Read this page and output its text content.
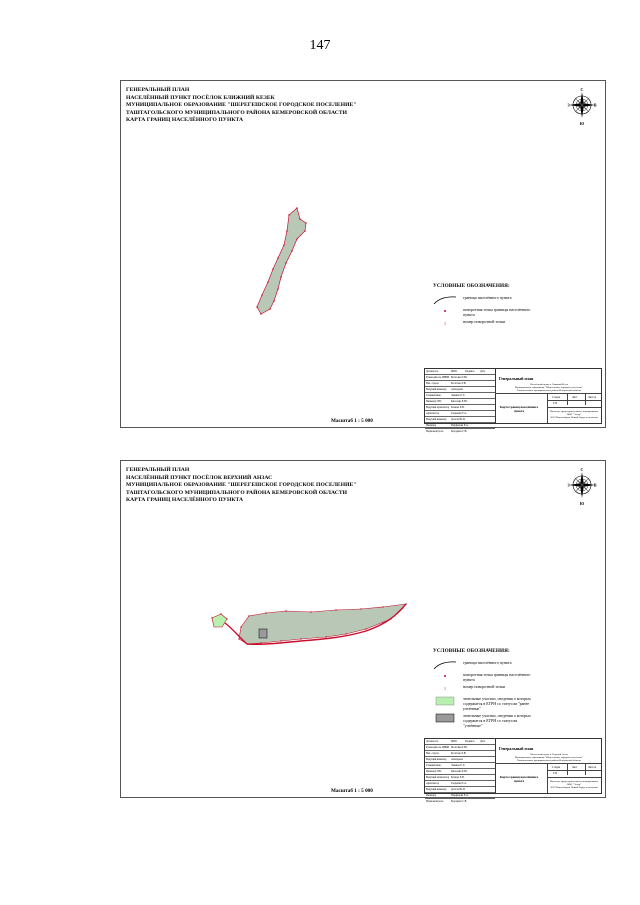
147
ГЕНЕРАЛЬНЫЙ ПЛАН
НАСЕЛЁННЫЙ ПУНКТ ПОСЁЛОК БЛИЖНИЙ КЕЗЕК
МУНИЦИПАЛЬНОЕ ОБРАЗОВАНИЕ "ШЕРЕГЕШСКОЕ ГОРОДСКОЕ ПОСЕЛЕНИЕ"
ТАШТАГОЛЬСКОГО МУНИЦИПАЛЬНОГО РАЙОНА КЕМЕРОВСКОЙ ОБЛАСТИ
КАРТА ГРАНИЦ НАСЕЛЁННОГО ПУНКТА
С
Ю
В
З
УСЛОВНЫЕ ОБОЗНАЧЕНИЯ:
граница населённого пункта
поворотная точка границы населённого пункта
1	номер поворотной точки
Масштаб 1 : 5 000
Должность	ФИО	Подпись Дата
Руководитель ЦНИИ Мозговая Т.Ю.
Нач. отдела	Богатова Л.В.
Ведущий инженер Ахмадеева
Главный инж.	Лыкина Е.Л.
Инженер ГИС	Киселева Е.Ю.
Ведущий архитектор Блажко Е.В.
Архитектор	Гладилин Т.А.
Ведущий инженер Долгов Ю.И.
Инженер	Парфенова Е.А.
Нормоконтроль	Бородина С.В.
Генеральный план
Населённый пункт п. Ближний Кезек
Муниципальное образование "Шерегешское городское поселение"
Таштагольского муниципального района Кемеровской области
Стадия	Лист	Листов
ГП
Карта границ населённого пункта	Институт градостроительного планирования
ООО "Элтур"
2019 Новосибирск Новый Город технологии
ГЕНЕРАЛЬНЫЙ ПЛАН
НАСЕЛЁННЫЙ ПУНКТ ПОСЁЛОК ВЕРХНИЙ АНЗАС
МУНИЦИПАЛЬНОЕ ОБРАЗОВАНИЕ "ШЕРЕГЕШСКОЕ ГОРОДСКОЕ ПОСЕЛЕНИЕ"
ТАШТАГОЛЬСКОГО МУНИЦИПАЛЬНОГО РАЙОНА КЕМЕРОВСКОЙ ОБЛАСТИ
КАРТА ГРАНИЦ НАСЕЛЁННОГО ПУНКТА
С
Ю
В
З
УСЛОВНЫЕ ОБОЗНАЧЕНИЯ:
граница населённого пункта
поворотная точка границы населённого пункта
1	номер поворотной точки
земельные участки, сведения о которых содержатся в ЕГРН со статусом "ранее учтённые"
земельные участки, сведения о которых содержатся в ЕГРН со статусом "учтённые"
Масштаб 1 : 5 000
Должность	ФИО	Подпись Дата
Руководитель ЦНИИ Мозговая Т.Ю.
Нач. отдела	Богатова Л.В.
Ведущий инженер Ахмадеева
Главный инж.	Лыкина Е.Л.
Инженер ГИС	Киселева Е.Ю.
Ведущий архитектор Блажко Е.В.
Архитектор	Гладилин Т.А.
Ведущий инженер Долгов Ю.И.
Инженер	Парфенова Е.А.
Нормоконтроль	Бородина С.В.
Генеральный план
Населённый пункт п. Верхний Анзас
Муниципальное образование "Шерегешское городское поселение"
Таштагольского муниципального района Кемеровской области
Стадия	Лист	Листов
ГП
Карта границ населённого пункта	Институт градостроительного планирования
ООО "Элтур"
2019 Новосибирск Новый Город технологии
